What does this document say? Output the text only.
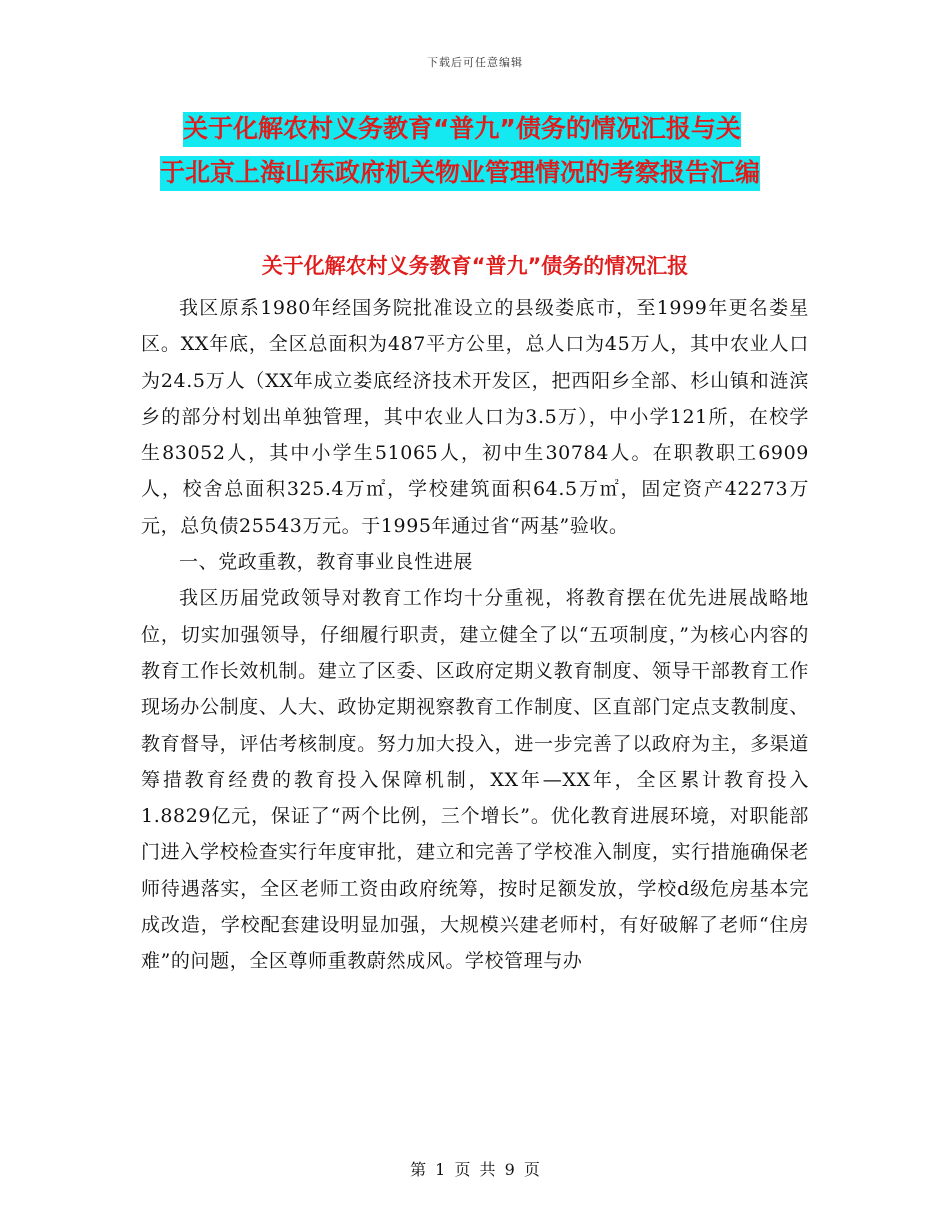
下载后可任意编辑
关于化解农村义务教育“普九”债务的情况汇报与关
于北京上海山东政府机关物业管理情况的考察报告汇编
关于化解农村义务教育“普九”债务的情况汇报

我区原系1980年经国务院批准设立的县级娄底市，至1999年更名娄星区。XX年底，全区总面积为487平方公里，总人口为45万人，其中农业人口为24.5万人（XX年成立娄底经济技术开发区，把西阳乡全部、杉山镇和涟滨乡的部分村划出单独管理，其中农业人口为3.5万），中小学121所，在校学生83052人，其中小学生51065人，初中生30784人。在职教职工6909人，校舍总面积325.4万㎡，学校建筑面积64.5万㎡，固定资产42273万元，总负债25543万元。于1995年通过省“两基”验收。

一、党政重教，教育事业良性进展

我区历届党政领导对教育工作均十分重视，将教育摆在优先进展战略地位，切实加强领导，仔细履行职责，建立健全了以“五项制度，”为核心内容的教育工作长效机制。建立了区委、区政府定期义教育制度、领导干部教育工作现场办公制度、人大、政协定期视察教育工作制度、区直部门定点支教制度、教育督导，评估考核制度。努力加大投入，进一步完善了以政府为主，多渠道筹措教育经费的教育投入保障机制，XX年—XX年，全区累计教育投入1.8829亿元，保证了“两个比例，三个增长”。优化教育进展环境，对职能部门进入学校检查实行年度审批，建立和完善了学校准入制度，实行措施确保老师待遇落实，全区老师工资由政府统筹，按时足额发放，学校d级危房基本完成改造，学校配套建设明显加强，大规模兴建老师村，有好破解了老师“住房难”的问题，全区尊师重教蔚然成风。学校管理与办

第 1 页 共 9 页
